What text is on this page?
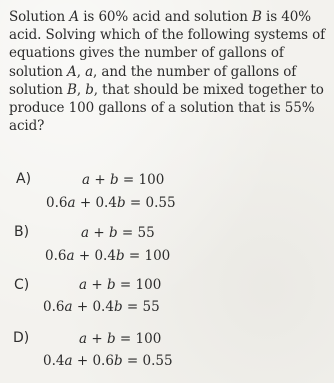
Solution A is 60% acid and solution B is 40%
acid. Solving which of the following systems of
equations gives the number of gallons of
solution A, a, and the number of gallons of
solution B, b, that should be mixed together to
produce 100 gallons of a solution that is 55%
acid?
A)	a + b = 100
0.6a + 0.4b = 0.55
B)	a + b = 55
0.6a + 0.4b = 100
C)	a + b = 100
0.6a + 0.4b = 55
D)	a + b = 100
0.4a + 0.6b = 0.55
